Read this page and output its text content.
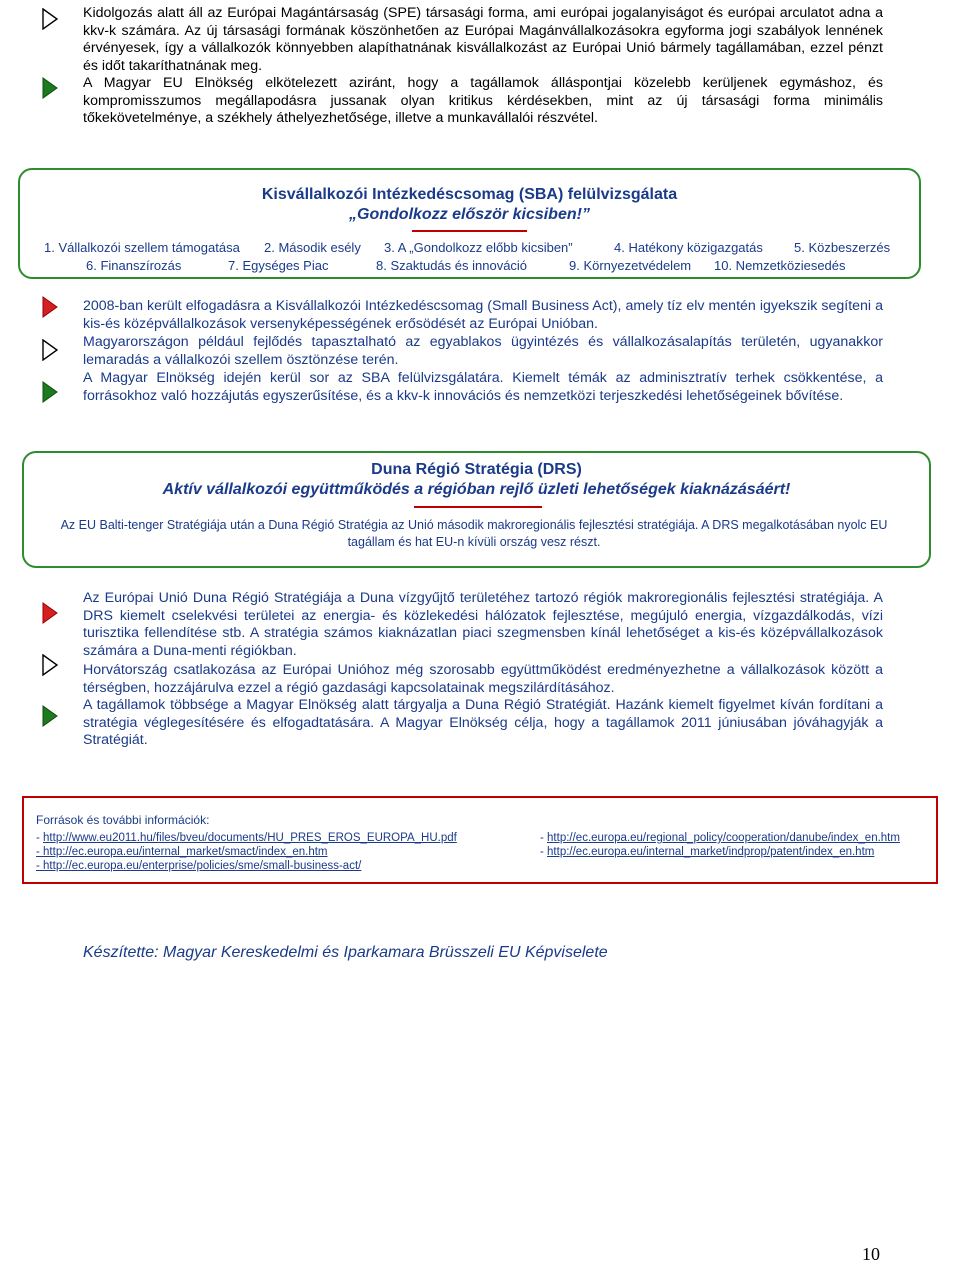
Kidolgozás alatt áll az Európai Magántársaság (SPE) társasági forma, ami európai jogalanyiságot és európai arculatot adna a kkv-k számára. Az új társasági formának köszönhetően az Európai Magánvállalkozásokra egyforma jogi szabályok lennének érvényesek, így a vállalkozók könnyebben alapíthatnának kisvállalkozást az Európai Unió bármely tagállamában, ezzel pénzt és időt takaríthatnának meg.

A Magyar EU Elnökség elkötelezett aziránt, hogy a tagállamok álláspontjai közelebb kerüljenek egymáshoz, és kompromisszumos megállapodásra jussanak olyan kritikus kérdésekben, mint az új társasági forma minimális tőkekövetelménye, a székhely áthelyezhetősége, illetve a munkavállalói részvétel.

Kisvállalkozói Intézkedéscsomag (SBA) felülvizsgálata
„Gondolkozz először kicsiben!”
1. Vállalkozói szellem támogatása 2. Második esély 3. A „Gondolkozz előbb kicsiben”	4. Hatékony közigazgatás 5. Közbeszerzés
6. Finanszírozás	7. Egységes Piac	8. Szaktudás és innováció	9. Környezetvédelem 10. Nemzetköziesedés

2008-ban került elfogadásra a Kisvállalkozói Intézkedéscsomag (Small Business Act), amely tíz elv mentén igyekszik segíteni a kis-és középvállalkozások versenyképességének erősödését az Európai Unióban.

Magyarországon például fejlődés tapasztalható az egyablakos ügyintézés és vállalkozásalapítás területén, ugyanakkor lemaradás a vállalkozói szellem ösztönzése terén.

A Magyar Elnökség idején kerül sor az SBA felülvizsgálatára. Kiemelt témák az adminisztratív terhek csökkentése, a forrásokhoz való hozzájutás egyszerűsítése, és a kkv-k innovációs és nemzetközi terjeszkedési lehetőségeinek bővítése.

Duna Régió Stratégia (DRS)
Aktív vállalkozói együttműködés a régióban rejlő üzleti lehetőségek kiaknázásáért!
Az EU Balti-tenger Stratégiája után a Duna Régió Stratégia az Unió második makroregionális fejlesztési stratégiája. A DRS megalkotásában nyolc EU tagállam és hat EU-n kívüli ország vesz részt.

Az Európai Unió Duna Régió Stratégiája a Duna vízgyűjtő területéhez tartozó régiók makroregionális fejlesztési stratégiája. A DRS kiemelt cselekvési területei az energia- és közlekedési hálózatok fejlesztése, megújuló energia, vízgazdálkodás, vízi turisztika fellendítése stb. A stratégia számos kiaknázatlan piaci szegmensben kínál lehetőséget a kis-és középvállalkozások számára a Duna-menti régiókban.

Horvátország csatlakozása az Európai Unióhoz még szorosabb együttműködést eredményezhetne a vállalkozások között a térségben, hozzájárulva ezzel a régió gazdasági kapcsolatainak megszilárdításához.

A tagállamok többsége a Magyar Elnökség alatt tárgyalja a Duna Régió Stratégiát. Hazánk kiemelt figyelmet kíván fordítani a stratégia véglegesítésére és elfogadtatására. A Magyar Elnökség célja, hogy a tagállamok 2011 júniusában jóváhagyják a Stratégiát.

Források és további információk:
- http://www.eu2011.hu/files/bveu/documents/HU_PRES_EROS_EUROPA_HU.pdf	- http://ec.europa.eu/regional_policy/cooperation/danube/index_en.htm
- http://ec.europa.eu/internal_market/smact/index_en.htm	- http://ec.europa.eu/internal_market/indprop/patent/index_en.htm
- http://ec.europa.eu/enterprise/policies/sme/small-business-act/
Készítette: Magyar Kereskedelmi és Iparkamara Brüsszeli EU Képviselete
10
